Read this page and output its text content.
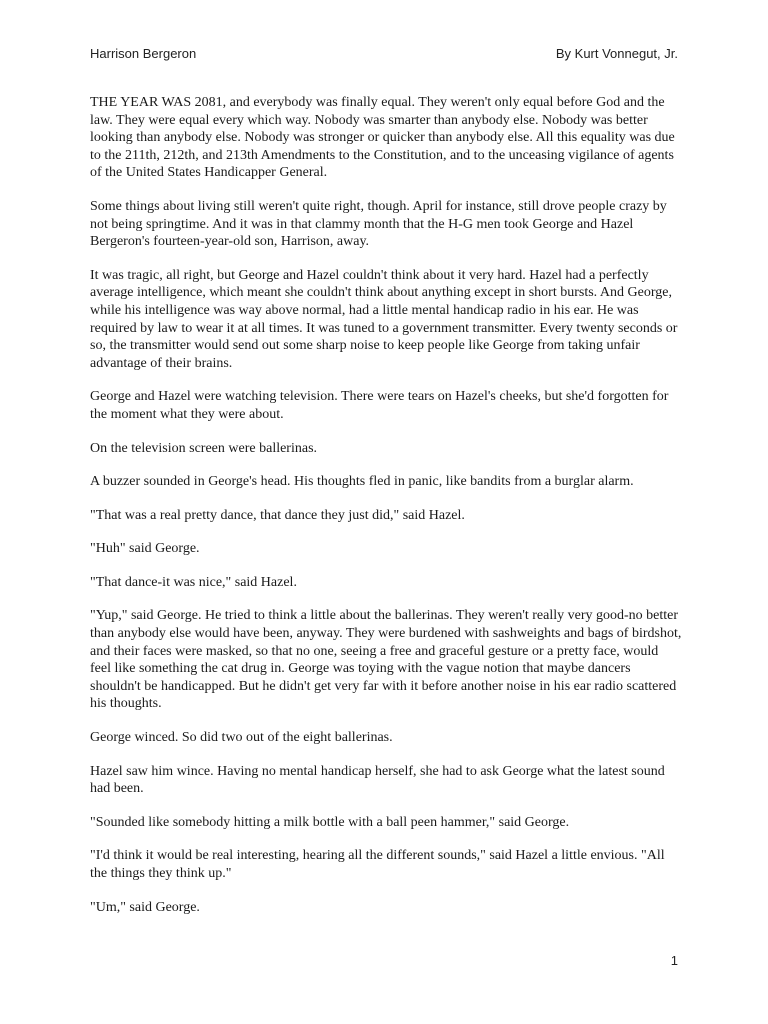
Harrison Bergeron	By Kurt Vonnegut, Jr.

THE YEAR WAS 2081, and everybody was finally equal. They weren't only equal before God and the law. They were equal every which way. Nobody was smarter than anybody else. Nobody was better looking than anybody else. Nobody was stronger or quicker than anybody else. All this equality was due to the 211th, 212th, and 213th Amendments to the Constitution, and to the unceasing vigilance of agents of the United States Handicapper General.

Some things about living still weren't quite right, though. April for instance, still drove people crazy by not being springtime. And it was in that clammy month that the H-G men took George and Hazel Bergeron's fourteen-year-old son, Harrison, away.

It was tragic, all right, but George and Hazel couldn't think about it very hard. Hazel had a perfectly average intelligence, which meant she couldn't think about anything except in short bursts. And George, while his intelligence was way above normal, had a little mental handicap radio in his ear. He was required by law to wear it at all times. It was tuned to a government transmitter. Every twenty seconds or so, the transmitter would send out some sharp noise to keep people like George from taking unfair advantage of their brains.

George and Hazel were watching television. There were tears on Hazel's cheeks, but she'd forgotten for the moment what they were about.

On the television screen were ballerinas.

A buzzer sounded in George's head. His thoughts fled in panic, like bandits from a burglar alarm.

"That was a real pretty dance, that dance they just did," said Hazel.

"Huh" said George.

"That dance-it was nice," said Hazel.

"Yup," said George. He tried to think a little about the ballerinas. They weren't really very good-no better than anybody else would have been, anyway. They were burdened with sashweights and bags of birdshot, and their faces were masked, so that no one, seeing a free and graceful gesture or a pretty face, would feel like something the cat drug in. George was toying with the vague notion that maybe dancers shouldn't be handicapped. But he didn't get very far with it before another noise in his ear radio scattered his thoughts.

George winced. So did two out of the eight ballerinas.

Hazel saw him wince. Having no mental handicap herself, she had to ask George what the latest sound had been.

"Sounded like somebody hitting a milk bottle with a ball peen hammer," said George.

"I'd think it would be real interesting, hearing all the different sounds," said Hazel a little envious. "All the things they think up."

"Um," said George.

1
